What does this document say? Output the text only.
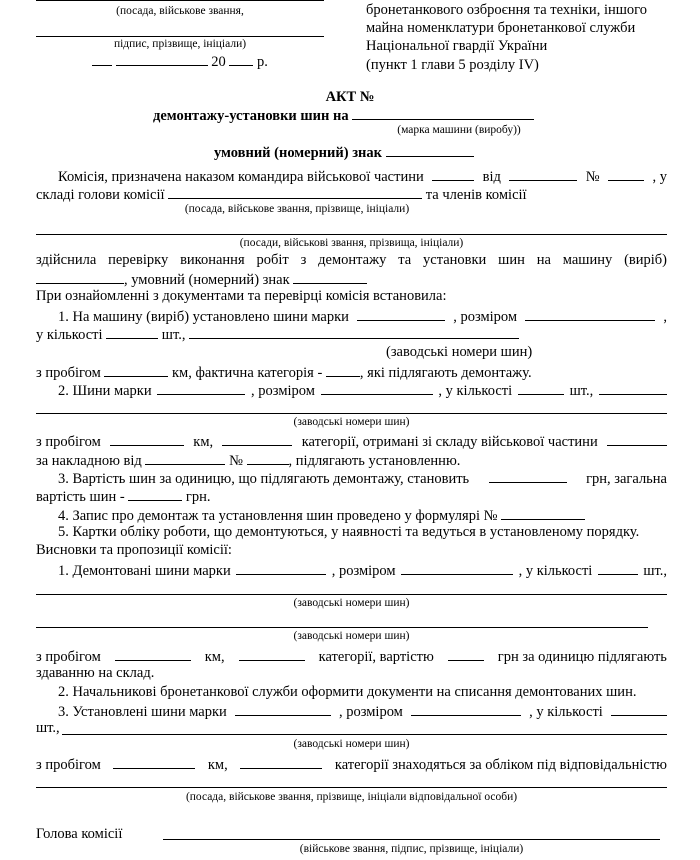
(посада, військове звання,
підпис, прізвище, ініціали)
20 р.
бронетанкового озброєння та техніки, іншого
майна номенклатури бронетанкової служби
Національної гвардії України
(пункт 1 глави 5 розділу IV)
АКТ №
демонтажу-установки шин на
(марка машини (виробу))
умовний (номерний) знак
Комісія, призначена наказом командира військової частини	від	№	, у
складі голови комісії	та членів комісії
(посада, військове звання, прізвище, ініціали)
(посади, військові звання, прізвища, ініціали)
здійснила перевірку виконання робіт з демонтажу та установки шин на машину (виріб)
, умовний (номерний) знак
При ознайомленні з документами та перевірці комісія встановила:
1. На машину (виріб) установлено шини марки	, розміром	,
у кількості	шт.,
(заводські номери шин)
з пробігом	км, фактична категорія -	, які підлягають демонтажу.
2. Шини марки	, розміром	, у кількості	шт.,
(заводські номери шин)
з пробігом	км,	категорії, отримані зі складу військової частини
за накладною від	№	, підлягають установленню.
3. Вартість шин за одиницю, що підлягають демонтажу, становить	грн, загальна
вартість шин -	грн.
4. Запис про демонтаж та установлення шин проведено у формулярі №
5. Картки обліку роботи, що демонтуються, у наявності та ведуться в установленому порядку.
Висновки та пропозиції комісії:
1. Демонтовані шини марки	, розміром	, у кількості	шт.,
(заводські номери шин)
(заводські номери шин)
з пробігом	км,	категорії, вартістю	грн за одиницю підлягають
здаванню на склад.
2. Начальникові бронетанкової служби оформити документи на списання демонтованих шин.
3. Установлені шини марки	, розміром	, у кількості
шт.,
(заводські номери шин)
з пробігом	км,	категорії знаходяться за обліком під відповідальністю
(посада, військове звання, прізвище, ініціали відповідальної особи)
Голова комісії
(військове звання, підпис, прізвище, ініціали)
